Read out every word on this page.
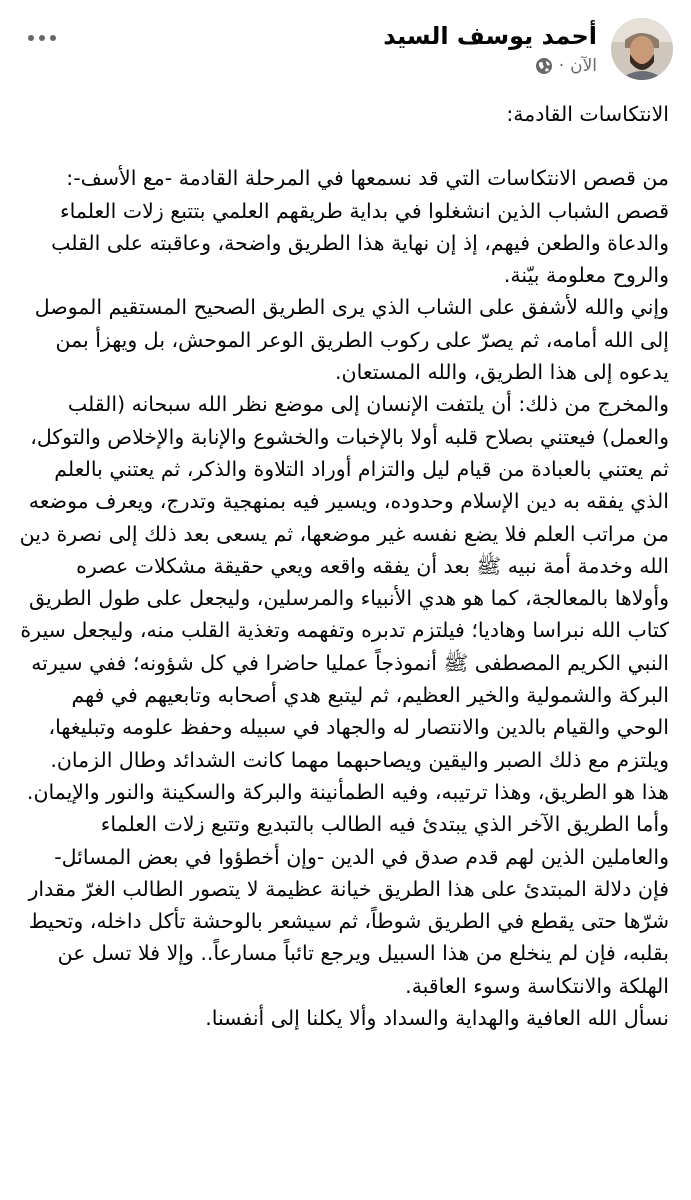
أحمد يوسف السيد
الآن
·

الانتكاسات القادمة:

من قصص الانتكاسات التي قد نسمعها في المرحلة القادمة -مع الأسف-:

قصص الشباب الذين انشغلوا في بداية طريقهم العلمي بتتبع زلات العلماء والدعاة والطعن فيهم، إذ إن نهاية هذا الطريق واضحة، وعاقبته على القلب والروح معلومة بيّنة.

وإني والله لأشفق على الشاب الذي يرى الطريق الصحيح المستقيم الموصل إلى الله أمامه، ثم يصرّ على ركوب الطريق الوعر الموحش، بل ويهزأ بمن يدعوه إلى هذا الطريق، والله المستعان.

والمخرج من ذلك: أن يلتفت الإنسان إلى موضع نظر الله سبحانه (القلب والعمل) فيعتني بصلاح قلبه أولا بالإخبات والخشوع والإنابة والإخلاص والتوكل، ثم يعتني بالعبادة من قيام ليل والتزام أوراد التلاوة والذكر، ثم يعتني بالعلم الذي يفقه به دين الإسلام وحدوده، ويسير فيه بمنهجية وتدرج، ويعرف موضعه من مراتب العلم فلا يضع نفسه غير موضعها، ثم يسعى بعد ذلك إلى نصرة دين الله وخدمة أمة نبيه ﷺ بعد أن يفقه واقعه ويعي حقيقة مشكلات عصره وأولاها بالمعالجة، كما هو هدي الأنبياء والمرسلين، وليجعل على طول الطريق كتاب الله نبراسا وهاديا؛ فيلتزم تدبره وتفهمه وتغذية القلب منه، وليجعل سيرة النبي الكريم المصطفى ﷺ أنموذجاً عمليا حاضرا في كل شؤونه؛ ففي سيرته البركة والشمولية والخير العظيم، ثم ليتبع هدي أصحابه وتابعيهم في فهم الوحي والقيام بالدين والانتصار له والجهاد في سبيله وحفظ علومه وتبليغها، ويلتزم مع ذلك الصبر واليقين ويصاحبهما مهما كانت الشدائد وطال الزمان.

هذا هو الطريق، وهذا ترتيبه، وفيه الطمأنينة والبركة والسكينة والنور والإيمان.

وأما الطريق الآخر الذي يبتدئ فيه الطالب بالتبديع وتتبع زلات العلماء والعاملين الذين لهم قدم صدق في الدين -وإن أخطؤوا في بعض المسائل- فإن دلالة المبتدئ على هذا الطريق خيانة عظيمة لا يتصور الطالب الغرّ مقدار شرّها حتى يقطع في الطريق شوطاً، ثم سيشعر بالوحشة تأكل داخله، وتحيط بقلبه، فإن لم ينخلع من هذا السبيل ويرجع تائباً مسارعاً.. وإلا فلا تسل عن الهلكة والانتكاسة وسوء العاقبة.

نسأل الله العافية والهداية والسداد وألا يكلنا إلى أنفسنا.
